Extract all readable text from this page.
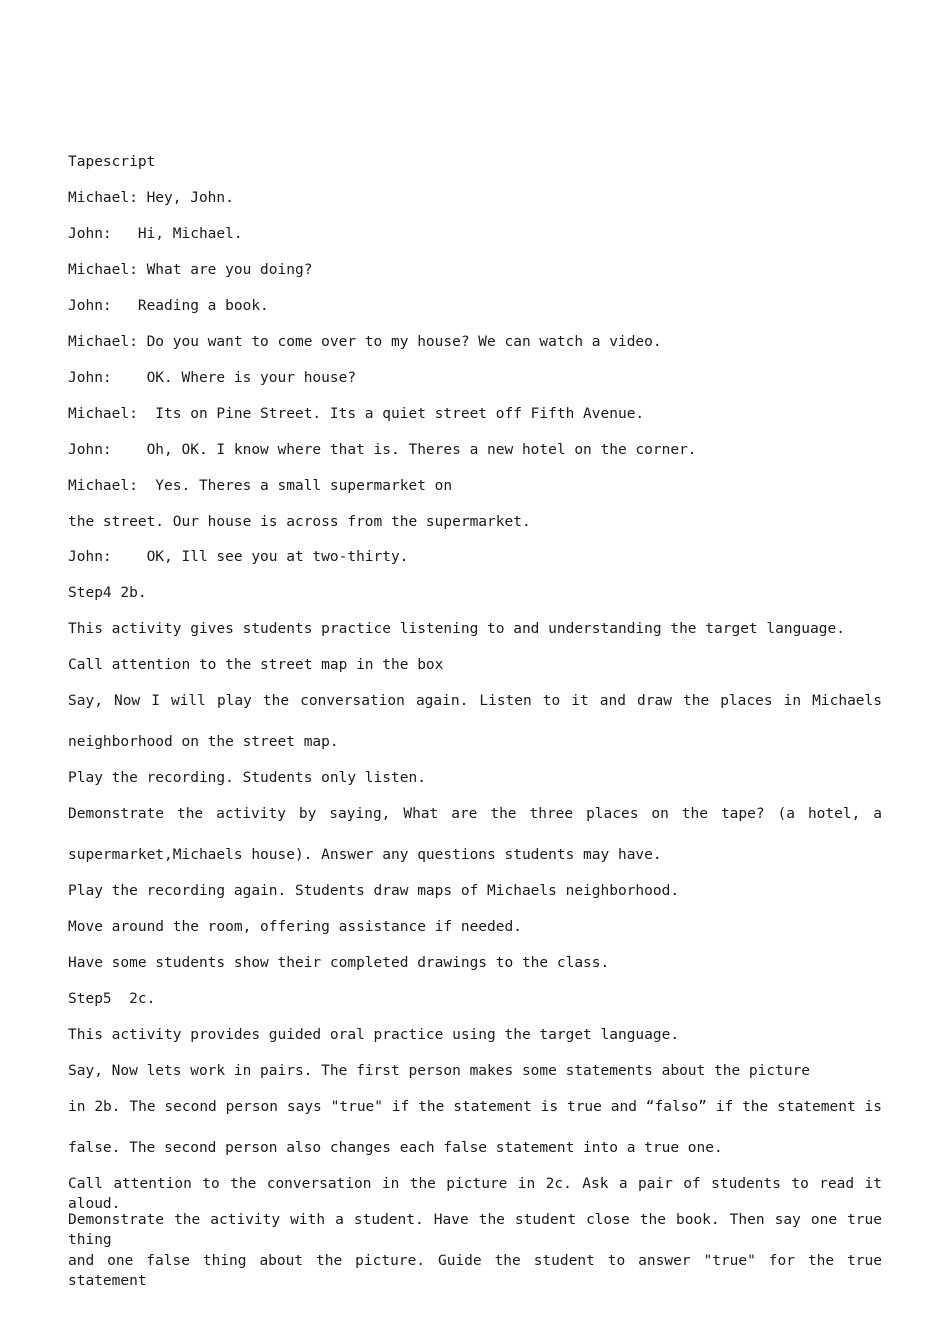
Tapescript
Michael: Hey, John.
John:   Hi, Michael.
Michael: What are you doing?
John:   Reading a book.
Michael: Do you want to come over to my house? We can watch a video.
John:    OK. Where is your house?
Michael:  Its on Pine Street. Its a quiet street off Fifth Avenue.
John:    Oh, OK. I know where that is. Theres a new hotel on the corner.
Michael:  Yes. Theres a small supermarket on
the street. Our house is across from the supermarket.
John:    OK, Ill see you at two-thirty.
Step4 2b.
This activity gives students practice listening to and understanding the target language.
Call attention to the street map in the box
Say, Now I will play the conversation again. Listen to it and draw the places in Michaels
neighborhood on the street map.
Play the recording. Students only listen.
Demonstrate the activity by saying, What are the three places on the tape? (a hotel, a
supermarket,Michaels house). Answer any questions students may have.
Play the recording again. Students draw maps of Michaels neighborhood.
Move around the room, offering assistance if needed.
Have some students show their completed drawings to the class.
Step5  2c.
This activity provides guided oral practice using the target language.
Say, Now lets work in pairs. The first person makes some statements about the picture
in 2b. The second person says "true" if the statement is true and “falso” if the statement is
false. The second person also changes each false statement into a true one.
Call attention to the conversation in the picture in 2c. Ask a pair of students to read it aloud.
Demonstrate the activity with a student. Have the student close the book. Then say one true thing
and one false thing about the picture. Guide the student to answer "true" for the true statement
